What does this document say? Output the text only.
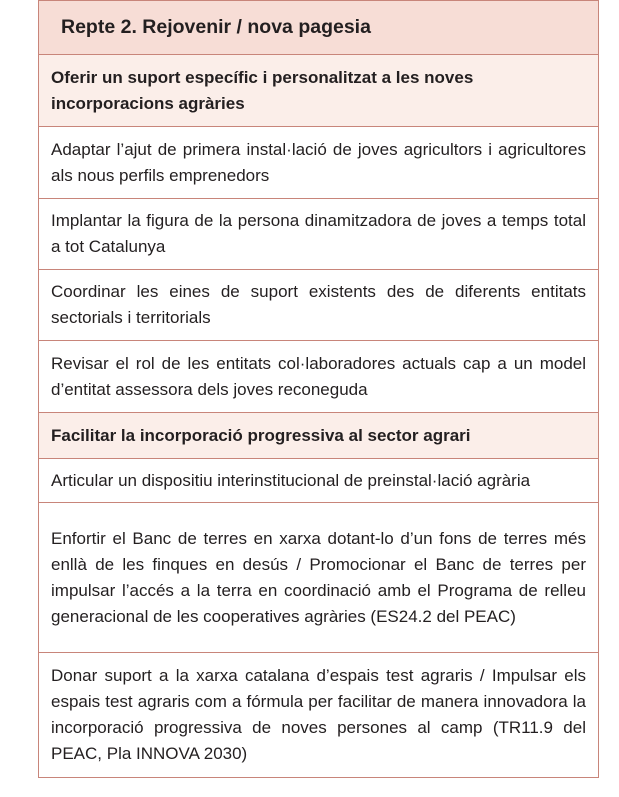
Repte 2. Rejovenir / nova pagesia
Oferir un suport específic i personalitzat a les noves incorporacions agràries
Adaptar l’ajut de primera instal·lació de joves agricultors i agricultores als nous perfils emprenedors
Implantar la figura de la persona dinamitzadora de joves a temps total a tot Catalunya
Coordinar les eines de suport existents des de diferents entitats sectorials i territorials
Revisar el rol de les entitats col·laboradores actuals cap a un model d’entitat assessora dels joves reconeguda
Facilitar la incorporació progressiva al sector agrari
Articular un dispositiu interinstitucional de preinstal·lació agrària
Enfortir el Banc de terres en xarxa dotant-lo d’un fons de terres més enllà de les finques en desús / Promocionar el Banc de terres per impulsar l’accés a la terra en coordinació amb el Programa de relleu generacional de les cooperatives agràries (ES24.2 del PEAC)
Donar suport a la xarxa catalana d’espais test agraris / Impulsar els espais test agraris com a fórmula per facilitar de manera innovadora la incorporació progressiva de noves persones al camp (TR11.9 del PEAC, Pla INNOVA 2030)
